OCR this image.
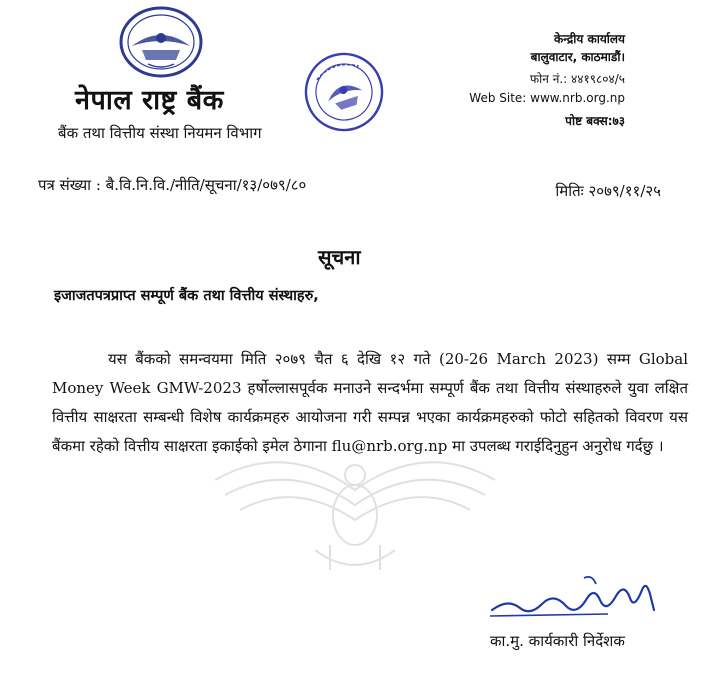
नेपाल राष्ट्र बैंक
बैंक तथा वित्तीय संस्था नियमन विभाग
केन्द्रीय कार्यालय
बालुवाटार, काठमाडौं।
फोन नं.: ४४१९८०४/५
Web Site: www.nrb.org.np
पोष्ट बक्स:७३
पत्र संख्या : बै.वि.नि.वि./नीति/सूचना/१३/०७९/८०	मितिः २०७९/११/२५
सूचना
इजाजतपत्रप्राप्त सम्पूर्ण बैंक तथा वित्तीय संस्थाहरु,
यस बैंकको समन्वयमा मिति २०७९ चैत ६ देखि १२ गते (20-26 March 2023) सम्म Global Money Week GMW-2023 हर्षोल्लासपूर्वक मनाउने सन्दर्भमा सम्पूर्ण बैंक तथा वित्तीय संस्थाहरुले युवा लक्षित वित्तीय साक्षरता सम्बन्धी विशेष कार्यक्रमहरु आयोजना गरी सम्पन्न भएका कार्यक्रमहरुको फोटो सहितको विवरण यस बैंकमा रहेको वित्तीय साक्षरता इकाईको इमेल ठेगाना flu@nrb.org.np मा उपलब्ध गराईदिनुहुन अनुरोध गर्दछु ।
का.मु. कार्यकारी निर्देशक
